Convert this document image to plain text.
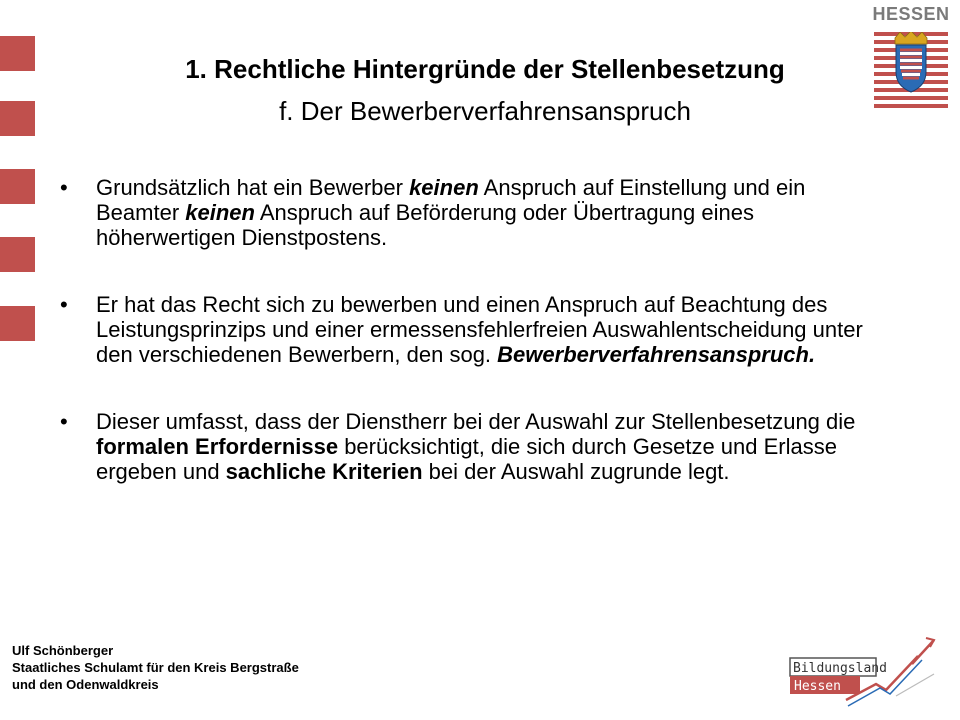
HESSEN
1. Rechtliche Hintergründe der Stellenbesetzung
f. Der Bewerberverfahrensanspruch
• Grundsätzlich hat ein Bewerber keinen Anspruch auf Einstellung und ein Beamter keinen Anspruch auf Beförderung oder Übertragung eines höherwertigen Dienstpostens.
• Er hat das Recht sich zu bewerben und einen Anspruch auf Beachtung des Leistungsprinzips und einer ermessensfehlerfreien Auswahlentscheidung unter den verschiedenen Bewerbern, den sog. Bewerberverfahrensanspruch.
• Dieser umfasst, dass der Dienstherr bei der Auswahl zur Stellenbesetzung die formalen Erfordernisse berücksichtigt, die sich durch Gesetze und Erlasse ergeben und sachliche Kriterien bei der Auswahl zugrunde legt.
Ulf Schönberger
Staatliches Schulamt für den Kreis Bergstraße
und den Odenwaldkreis
Bildungsland
Hessen
